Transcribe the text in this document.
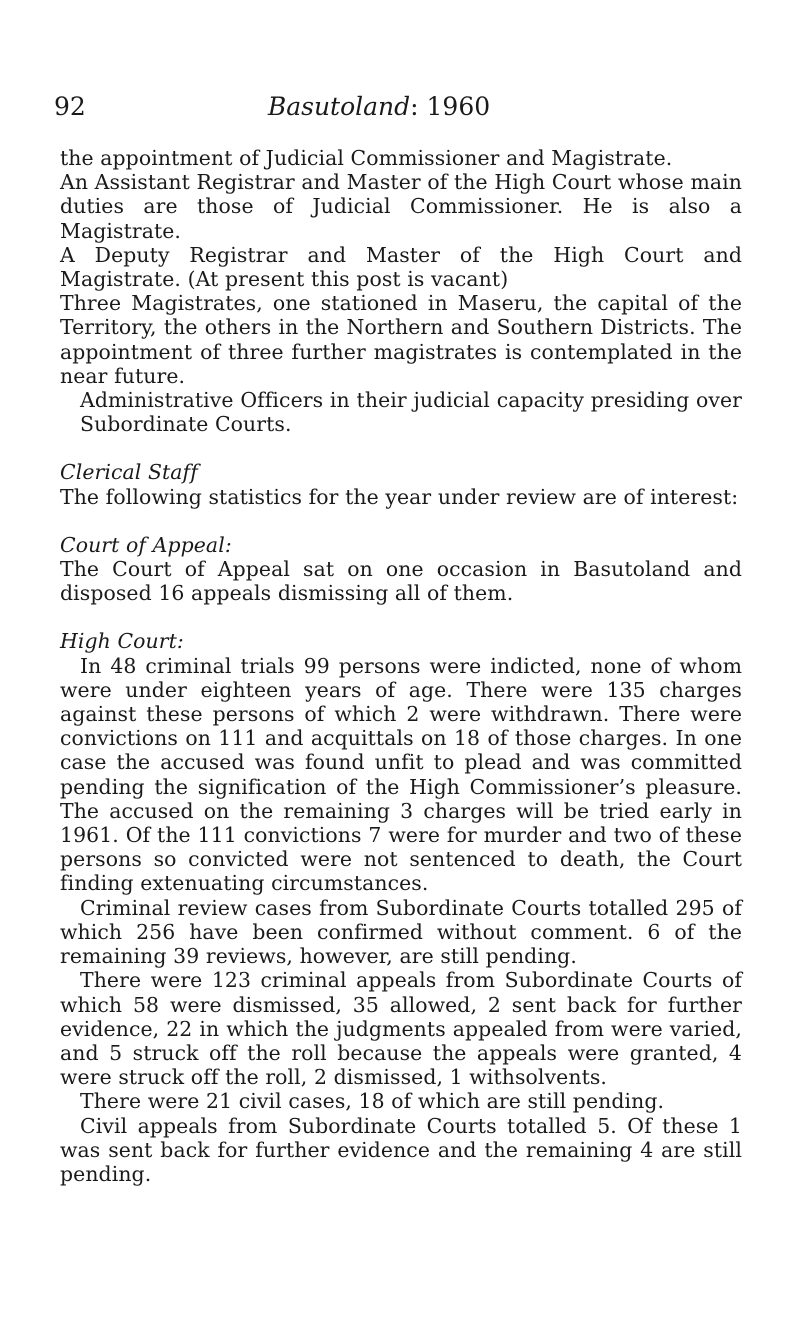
92	Basutoland: 1960

the appointment of Judicial Commissioner and Magistrate.

An Assistant Registrar and Master of the High Court whose main duties are those of Judicial Commissioner. He is also a Magistrate.

A Deputy Registrar and Master of the High Court and Magistrate. (At present this post is vacant)

Three Magistrates, one stationed in Maseru, the capital of the Territory, the others in the Northern and Southern Districts. The appointment of three further magistrates is contemplated in the near future.

Administrative Officers in their judicial capacity presiding over Subordinate Courts.

Clerical Staff

The following statistics for the year under review are of interest:

Court of Appeal:

The Court of Appeal sat on one occasion in Basutoland and disposed 16 appeals dismissing all of them.

High Court:

In 48 criminal trials 99 persons were indicted, none of whom were under eighteen years of age. There were 135 charges against these persons of which 2 were withdrawn. There were convictions on 111 and acquittals on 18 of those charges. In one case the accused was found unfit to plead and was committed pending the signification of the High Commissioner’s pleasure. The accused on the remaining 3 charges will be tried early in 1961. Of the 111 convictions 7 were for murder and two of these persons so convicted were not sentenced to death, the Court finding extenuating circumstances.

Criminal review cases from Subordinate Courts totalled 295 of which 256 have been confirmed without comment. 6 of the remaining 39 reviews, however, are still pending.

There were 123 criminal appeals from Subordinate Courts of which 58 were dismissed, 35 allowed, 2 sent back for further evidence, 22 in which the judgments appealed from were varied, and 5 struck off the roll because the appeals were granted, 4 were struck off the roll, 2 dismissed, 1 withsolvents.

There were 21 civil cases, 18 of which are still pending.

Civil appeals from Subordinate Courts totalled 5. Of these 1 was sent back for further evidence and the remaining 4 are still pending.
